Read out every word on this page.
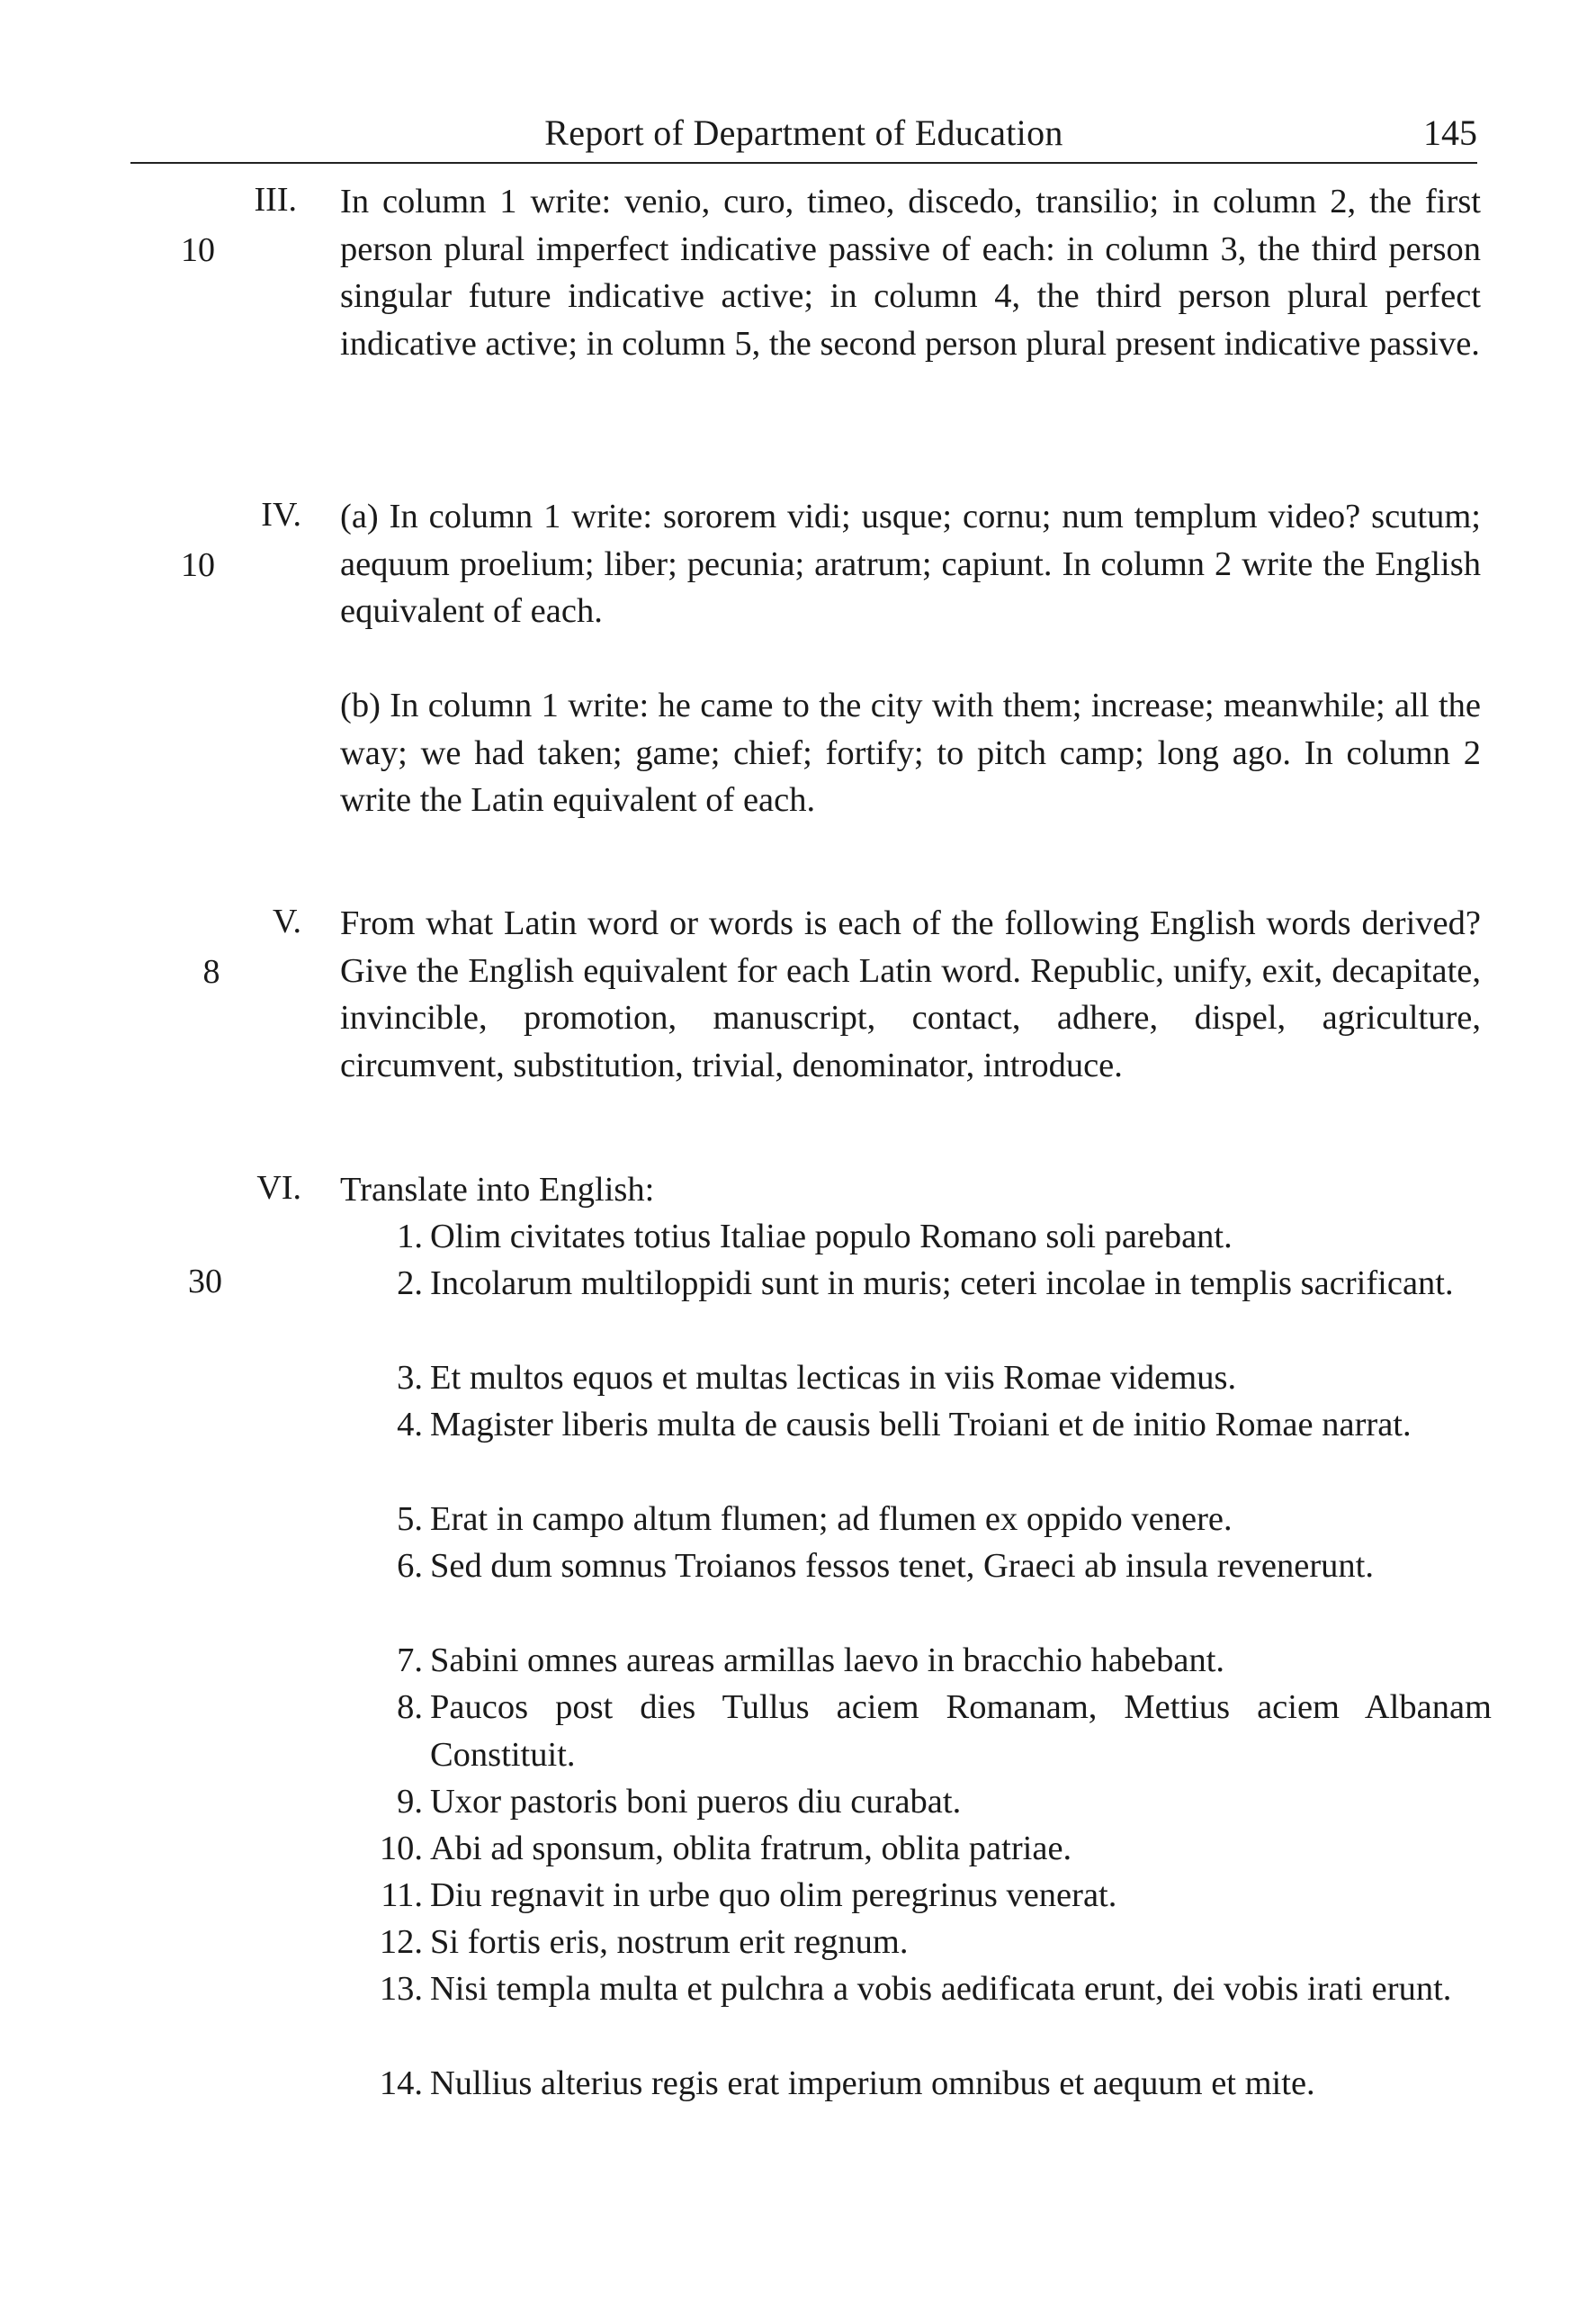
Report of Department of Education	145
III.
10

In column 1 write: venio, curo, timeo, discedo, transilio; in column 2, the first person plural imperfect indicative passive of each: in column 3, the third person singular future indicative active; in column 4, the third person plural perfect indicative active; in column 5, the second person plural present indicative passive.

IV.
10

(a) In column 1 write: sororem vidi; usque; cornu; num templum video? scutum; aequum proelium; liber; pecunia; aratrum; capiunt. In column 2 write the English equivalent of each.

(b) In column 1 write: he came to the city with them; increase; meanwhile; all the way; we had taken; game; chief; fortify; to pitch camp; long ago. In column 2 write the Latin equivalent of each.

V.
8

From what Latin word or words is each of the following English words derived? Give the English equivalent for each Latin word. Republic, unify, exit, decapitate, invincible, promotion, manuscript, contact, adhere, dispel, agriculture, circumvent, substitution, trivial, denominator, introduce.

VI.
30

Translate into English:

1. Olim civitates totius Italiae populo Romano soli parebant.

2. Incolarum multiloppidi sunt in muris; ceteri incolae in templis sacrificant.

3. Et multos equos et multas lecticas in viis Romae videmus.

4. Magister liberis multa de causis belli Troiani et de initio Romae narrat.

5. Erat in campo altum flumen; ad flumen ex oppido venere.

6. Sed dum somnus Troianos fessos tenet, Graeci ab insula revenerunt.

7. Sabini omnes aureas armillas laevo in bracchio habebant.

8. Paucos post dies Tullus aciem Romanam, Mettius aciem Albanam Constituit.

9. Uxor pastoris boni pueros diu curabat.

10. Abi ad sponsum, oblita fratrum, oblita patriae.

11. Diu regnavit in urbe quo olim peregrinus venerat.

12. Si fortis eris, nostrum erit regnum.

13. Nisi templa multa et pulchra a vobis aedificata erunt, dei vobis irati erunt.

14. Nullius alterius regis erat imperium omnibus et aequum et mite.
